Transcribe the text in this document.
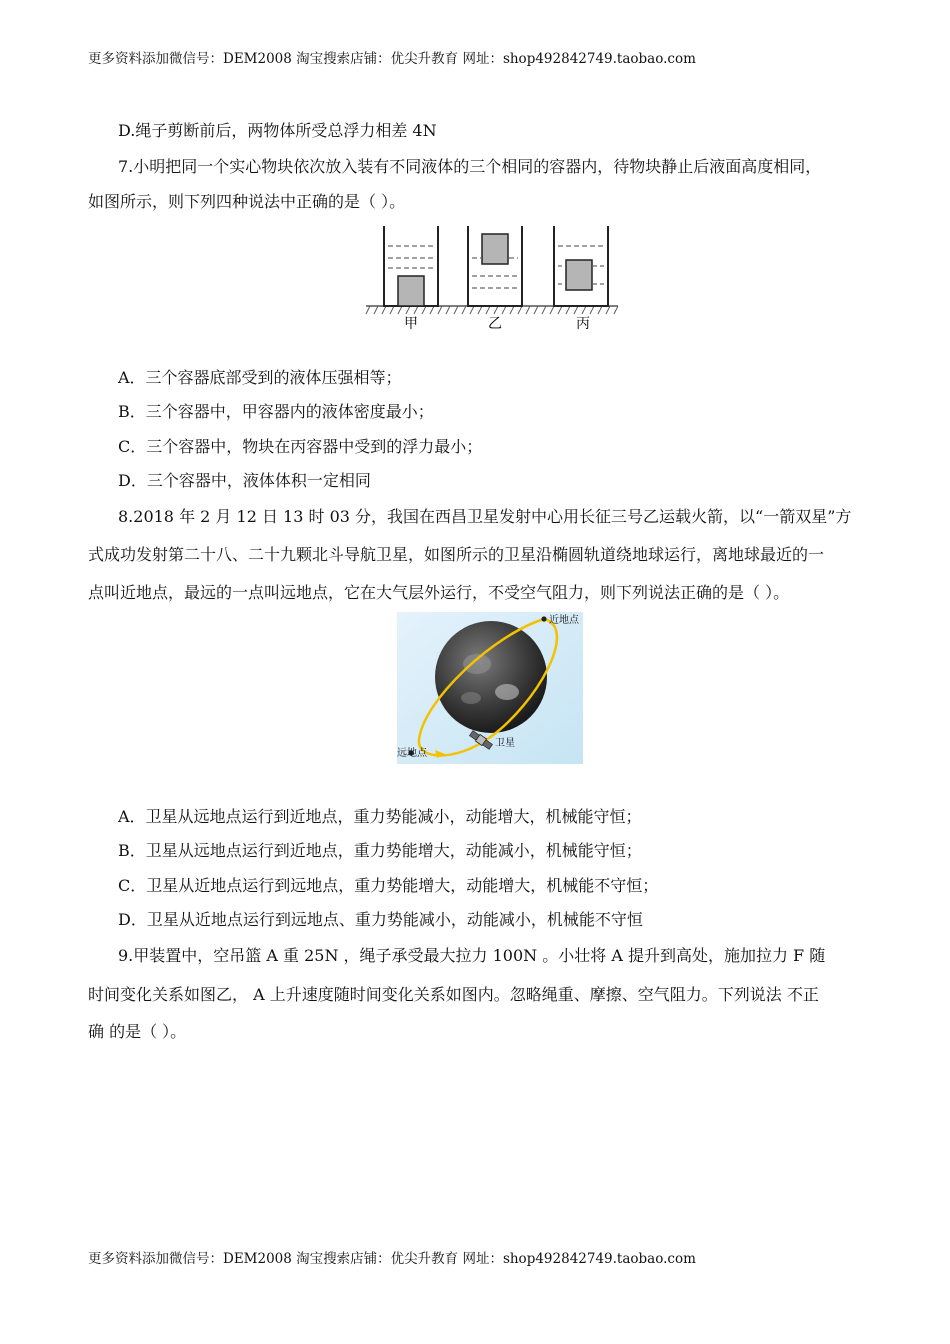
更多资料添加微信号：DEM2008 淘宝搜索店铺：优尖升教育 网址：shop492842749.taobao.com
D.绳子剪断前后，两物体所受总浮力相差 4N
7.小明把同一个实心物块依次放入装有不同液体的三个相同的容器内，待物块静止后液面高度相同，
如图所示，则下列四种说法中正确的是（ ）。
甲	乙	丙
A．三个容器底部受到的液体压强相等；
B．三个容器中，甲容器内的液体密度最小；
C．三个容器中，物块在丙容器中受到的浮力最小；
D．三个容器中，液体体积一定相同
8.2018 年 2 月 12 日 13 时 03 分，我国在西昌卫星发射中心用长征三号乙运载火箭，以“一箭双星”方
式成功发射第二十八、二十九颗北斗导航卫星，如图所示的卫星沿椭圆轨道绕地球运行，离地球最近的一
点叫近地点，最远的一点叫远地点，它在大气层外运行，不受空气阻力，则下列说法正确的是（ ）。
近地点
远地点
卫星
A．卫星从远地点运行到近地点，重力势能减小，动能增大，机械能守恒；
B．卫星从远地点运行到近地点，重力势能增大，动能减小，机械能守恒；
C．卫星从近地点运行到远地点，重力势能增大，动能增大，机械能不守恒；
D．卫星从近地点运行到远地点、重力势能减小，动能减小，机械能不守恒
9.甲装置中，空吊篮 A 重 25N ，绳子承受最大拉力 100N 。小壮将 A 提升到高处，施加拉力 F 随
时间变化关系如图乙， A 上升速度随时间变化关系如图内。忽略绳重、摩擦、空气阻力。下列说法 不正
确 的是（ ）。
更多资料添加微信号：DEM2008 淘宝搜索店铺：优尖升教育 网址：shop492842749.taobao.com
